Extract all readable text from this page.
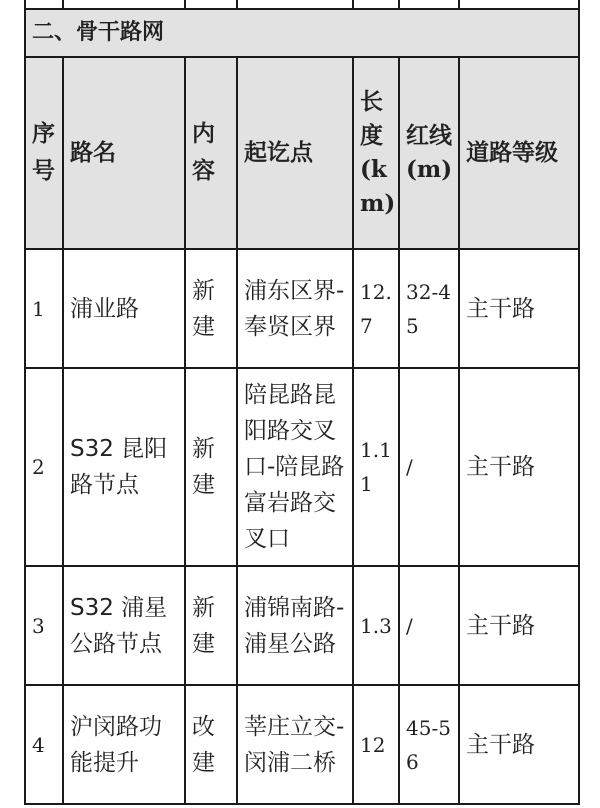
二、骨干路网						
序号	路名	内容	起讫点	长度(km)	红线(m)	道路等级
1	浦业路	新建	浦东区界-奉贤区界	12.7	32-45	主干路
2	S32 昆阳路节点	新建	陪昆路昆阳路交叉口-陪昆路富岩路交叉口	1.11	/	主干路
3	S32 浦星公路节点	新建	浦锦南路-浦星公路	1.3	/	主干路
4	沪闵路功能提升	改建	莘庄立交-闵浦二桥	12	45-56	主干路
